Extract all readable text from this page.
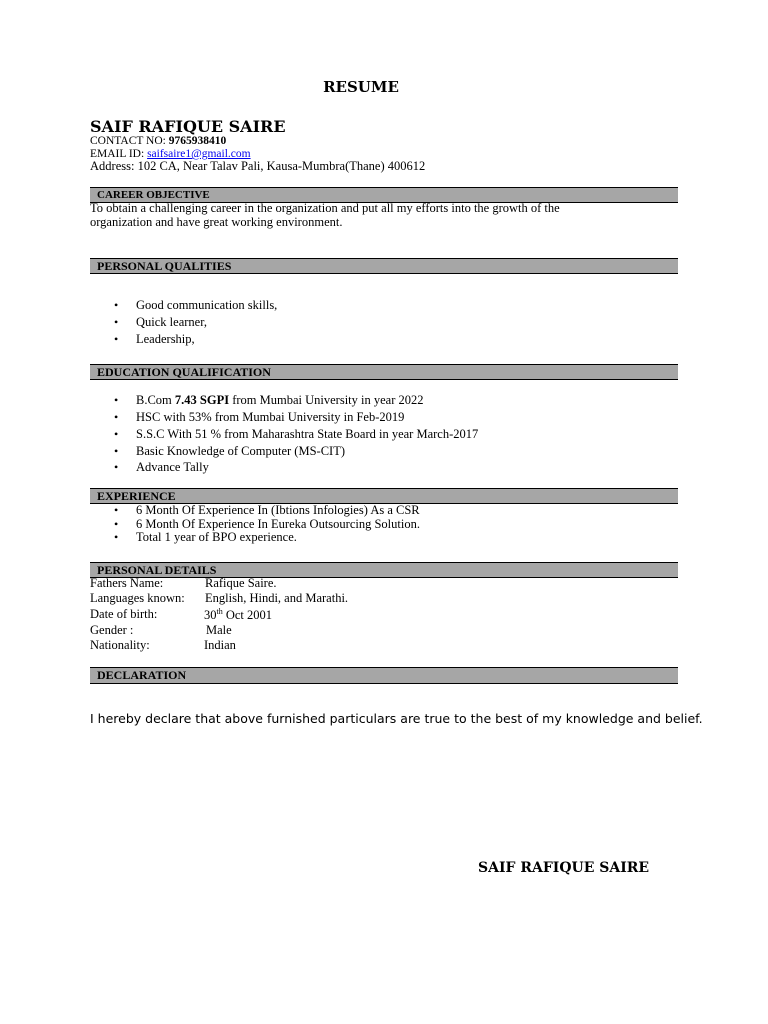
RESUME
SAIF RAFIQUE SAIRE
CONTACT NO: 9765938410
EMAIL ID: saifsaire1@gmail.com
Address: 102 CA, Near Talav Pali, Kausa-Mumbra(Thane) 400612
CAREER OBJECTIVE
To obtain a challenging career in the organization and put all my efforts into the growth of the
organization and have great working environment.
PERSONAL QUALITIES
• Good communication skills,
• Quick learner,
• Leadership,
EDUCATION QUALIFICATION
• B.Com 7.43 SGPI from Mumbai University in year 2022
• HSC with 53% from Mumbai University in Feb-2019
• S.S.C With 51 % from Maharashtra State Board in year March-2017
• Basic Knowledge of Computer (MS-CIT)
• Advance Tally
EXPERIENCE
• 6 Month Of Experience In (Ibtions Infologies) As a CSR
• 6 Month Of Experience In Eureka Outsourcing Solution.
• Total 1 year of BPO experience.
PERSONAL DETAILS
Fathers Name:	Rafique Saire.
Languages known: English, Hindi, and Marathi.
Date of birth:	30th Oct 2001
Gender :	Male
Nationality:	Indian
DECLARATION
I hereby declare that above furnished particulars are true to the best of my knowledge and belief.
SAIF RAFIQUE SAIRE
